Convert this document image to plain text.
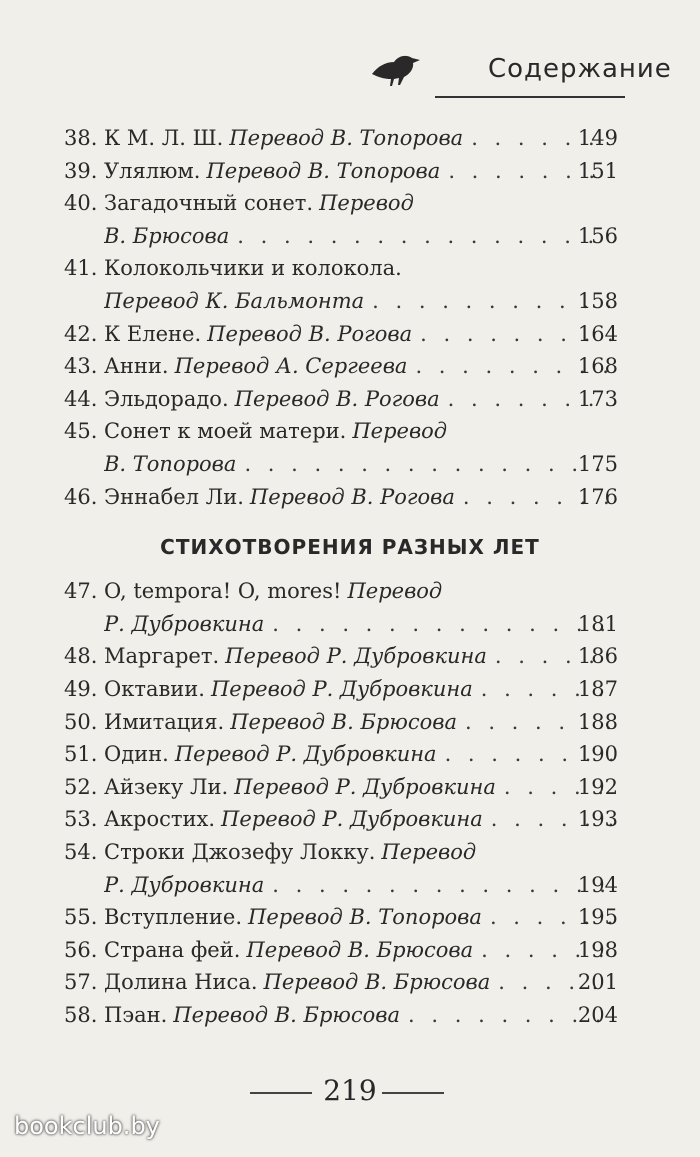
Содержание
38. К М. Л. Ш. Перевод В. Топорова . . .	149
39. Улялюм. Перевод В. Топорова . . .	151
40. Загадочный сонет. Перевод
В. Брюсова . . .	156
41. Колокольчики и колокола.
Перевод К. Бальмонта . . .	158
42. К Елене. Перевод В. Рогова . . .	164
43. Анни. Перевод А. Сергеева . . .	168
44. Эльдорадо. Перевод В. Рогова . . .	173
45. Сонет к моей матери. Перевод
В. Топорова . . .	175
46. Эннабел Ли. Перевод В. Рогова . . .	176
СТИХОТВОРЕНИЯ РАЗНЫХ ЛЕТ
47. O, tempora! O, mores! Перевод
Р. Дубровкина . . .	181
48. Маргарет. Перевод Р. Дубровкина . . .	186
49. Октавии. Перевод Р. Дубровкина . . .	187
50. Имитация. Перевод В. Брюсова . . .	188
51. Один. Перевод Р. Дубровкина . . .	190
52. Айзеку Ли. Перевод Р. Дубровкина . . .	192
53. Акростих. Перевод Р. Дубровкина . . .	193
54. Строки Джозефу Локку. Перевод
Р. Дубровкина . . .	194
55. Вступление. Перевод В. Топорова . . .	195
56. Страна фей. Перевод В. Брюсова . . .	198
57. Долина Ниса. Перевод В. Брюсова . . .	201
58. Пэан. Перевод В. Брюсова . . .	204
219
bookclub.by
